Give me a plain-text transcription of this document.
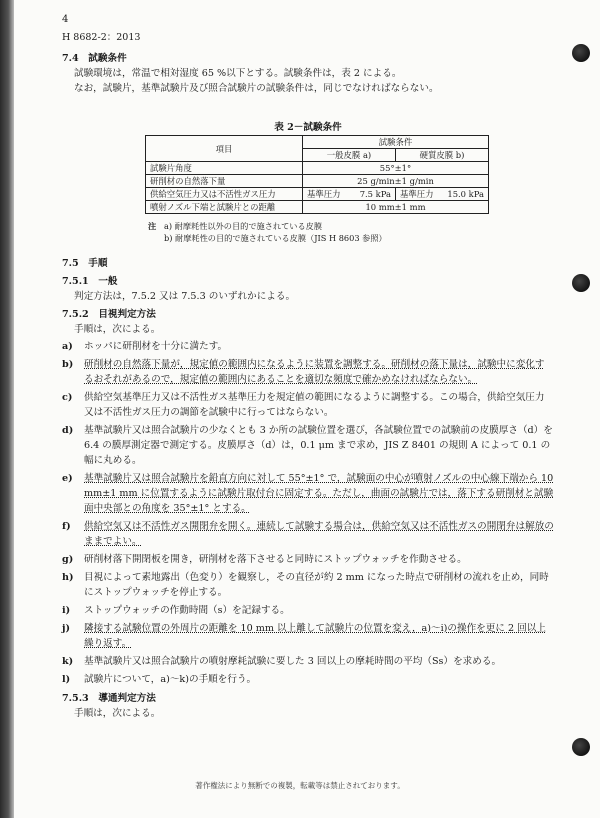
4
H 8682-2：2013
7.4　 試験条件
試験環境は，常温で相対湿度 65 %以下とする。試験条件は，表 2 による。
なお，試験片，基準試験片及び照合試験片の試験条件は，同じでなければならない。
表 2－試験条件
項目	試験条件			
	一般皮膜 a)		硬質皮膜 b)	
試験片角度	55°±1°			
研削材の自然落下量	25 g/min±1 g/min			
供給空気圧力又は不活性ガス圧力	基準圧力	7.5 kPa	基準圧力	15.0 kPa
噴射ノズル下端と試験片との距離	10 mm±1 mm			
注 a) 耐摩耗性以外の目的で施されている皮膜
b) 耐摩耗性の目的で施されている皮膜（JIS H 8603 参照）
7.5　 手順
7.5.1　 一般
判定方法は，7.5.2 又は 7.5.3 のいずれかによる。
7.5.2　 目視判定方法
手順は，次による。
a)	ホッパに研削材を十分に満たす。
b)	研削材の自然落下量が，規定値の範囲内になるように装置を調整する。研削材の落下量は，試験中に変化するおそれがあるので，規定値の範囲内にあることを適切な頻度で確かめなければならない。
c)	供給空気基準圧力又は不活性ガス基準圧力を規定値の範囲になるように調整する。この場合，供給空気圧力又は不活性ガス圧力の調節を試験中に行ってはならない。
d)	基準試験片又は照合試験片の少なくとも 3 か所の試験位置を選び，各試験位置での試験前の皮膜厚さ（d）を 6.4 の膜厚測定器で測定する。皮膜厚さ（d）は，0.1 μm まで求め，JIS Z 8401 の規則 A によって 0.1 の幅に丸める。
e)	基準試験片又は照合試験片を鉛直方向に対して 55°±1° で，試験面の中心が噴射ノズルの中心線下端から 10 mm±1 mm に位置するように試験片取付台に固定する。ただし，曲面の試験片では，落下する研削材と試験面中央部との角度を 35°±1° とする。
f)	供給空気又は不活性ガス開閉弁を開く。連続して試験する場合は，供給空気又は不活性ガスの開閉弁は解放のままでよい。
g)	研削材落下開閉板を開き，研削材を落下させると同時にストップウォッチを作動させる。
h)	目視によって素地露出（色変り）を観察し，その直径が約 2 mm になった時点で研削材の流れを止め，同時にストップウォッチを停止する。
i)	ストップウォッチの作動時間（s）を記録する。
j)	隣接する試験位置の外周片の距離を 10 mm 以上離して試験片の位置を変え，a)～i)の操作を更に 2 回以上繰り返す。
k)	基準試験片又は照合試験片の噴射摩耗試験に要した 3 回以上の摩耗時間の平均（Ss）を求める。
l)	試験片について，a)～k)の手順を行う。
7.5.3　 導通判定方法
手順は，次による。
著作権法により無断での複製，転載等は禁止されております。
